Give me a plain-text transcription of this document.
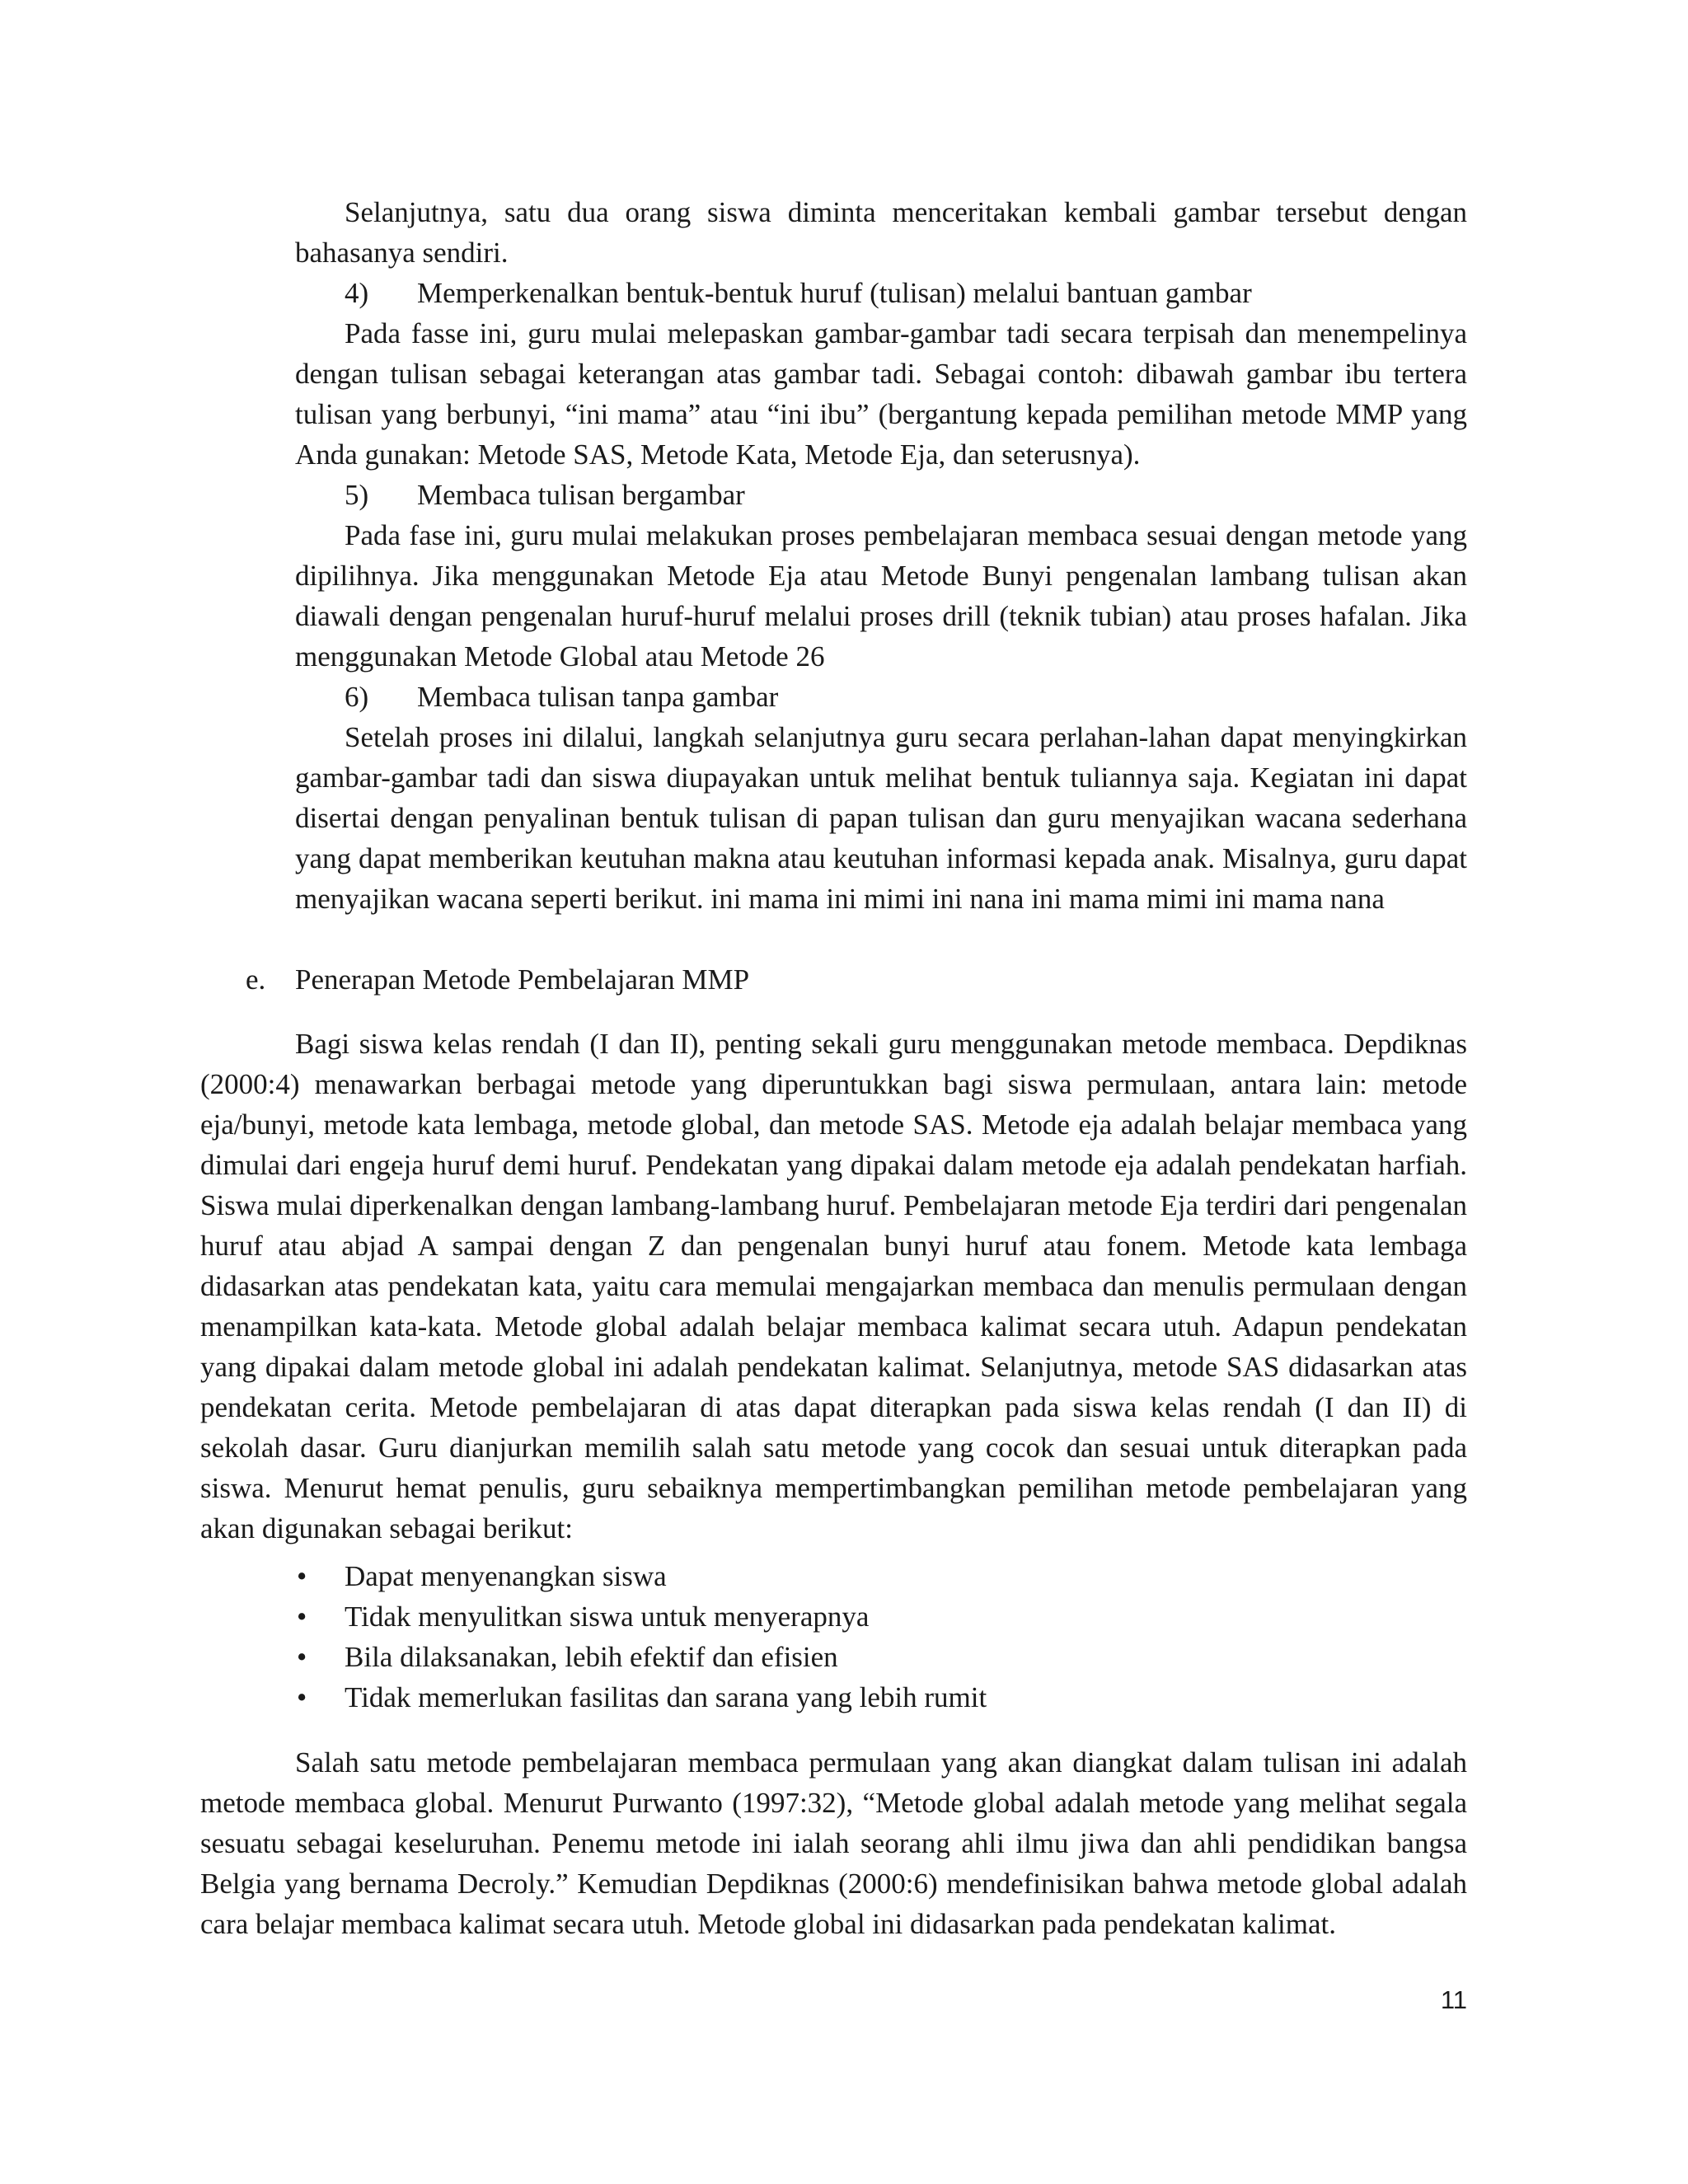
Selanjutnya, satu dua orang siswa diminta menceritakan kembali gambar tersebut dengan bahasanya sendiri.

4) Memperkenalkan bentuk-bentuk huruf (tulisan) melalui bantuan gambar

Pada fasse ini, guru mulai melepaskan gambar-gambar tadi secara terpisah dan menempelinya dengan tulisan sebagai keterangan atas gambar tadi. Sebagai contoh: dibawah gambar ibu tertera tulisan yang berbunyi, “ini mama” atau “ini ibu” (bergantung kepada pemilihan metode MMP yang Anda gunakan: Metode SAS, Metode Kata, Metode Eja, dan seterusnya).

5) Membaca tulisan bergambar

Pada fase ini, guru mulai melakukan proses pembelajaran membaca sesuai dengan metode yang dipilihnya. Jika menggunakan Metode Eja atau Metode Bunyi pengenalan lambang tulisan akan diawali dengan pengenalan huruf-huruf melalui proses drill (teknik tubian) atau proses hafalan. Jika menggunakan Metode Global atau Metode 26

6) Membaca tulisan tanpa gambar

Setelah proses ini dilalui, langkah selanjutnya guru secara perlahan-lahan dapat menyingkirkan gambar-gambar tadi dan siswa diupayakan untuk melihat bentuk tuliannya saja. Kegiatan ini dapat disertai dengan penyalinan bentuk tulisan di papan tulisan dan guru menyajikan wacana sederhana yang dapat memberikan keutuhan makna atau keutuhan informasi kepada anak. Misalnya, guru dapat menyajikan wacana seperti berikut. ini mama ini mimi ini nana ini mama mimi ini mama nana

e. Penerapan Metode Pembelajaran MMP

Bagi siswa kelas rendah (I dan II), penting sekali guru menggunakan metode membaca. Depdiknas (2000:4) menawarkan berbagai metode yang diperuntukkan bagi siswa permulaan, antara lain: metode eja/bunyi, metode kata lembaga, metode global, dan metode SAS. Metode eja adalah belajar membaca yang dimulai dari engeja huruf demi huruf. Pendekatan yang dipakai dalam metode eja adalah pendekatan harfiah. Siswa mulai diperkenalkan dengan lambang-lambang huruf. Pembelajaran metode Eja terdiri dari pengenalan huruf atau abjad A sampai dengan Z dan pengenalan bunyi huruf atau fonem. Metode kata lembaga didasarkan atas pendekatan kata, yaitu cara memulai mengajarkan membaca dan menulis permulaan dengan menampilkan kata-kata. Metode global adalah belajar membaca kalimat secara utuh. Adapun pendekatan yang dipakai dalam metode global ini adalah pendekatan kalimat. Selanjutnya, metode SAS didasarkan atas pendekatan cerita. Metode pembelajaran di atas dapat diterapkan pada siswa kelas rendah (I dan II) di sekolah dasar. Guru dianjurkan memilih salah satu metode yang cocok dan sesuai untuk diterapkan pada siswa. Menurut hemat penulis, guru sebaiknya mempertimbangkan pemilihan metode pembelajaran yang akan digunakan sebagai berikut:

• Dapat menyenangkan siswa
• Tidak menyulitkan siswa untuk menyerapnya
• Bila dilaksanakan, lebih efektif dan efisien
• Tidak memerlukan fasilitas dan sarana yang lebih rumit

Salah satu metode pembelajaran membaca permulaan yang akan diangkat dalam tulisan ini adalah metode membaca global. Menurut Purwanto (1997:32), “Metode global adalah metode yang melihat segala sesuatu sebagai keseluruhan. Penemu metode ini ialah seorang ahli ilmu jiwa dan ahli pendidikan bangsa Belgia yang bernama Decroly.” Kemudian Depdiknas (2000:6) mendefinisikan bahwa metode global adalah cara belajar membaca kalimat secara utuh. Metode global ini didasarkan pada pendekatan kalimat.

11
